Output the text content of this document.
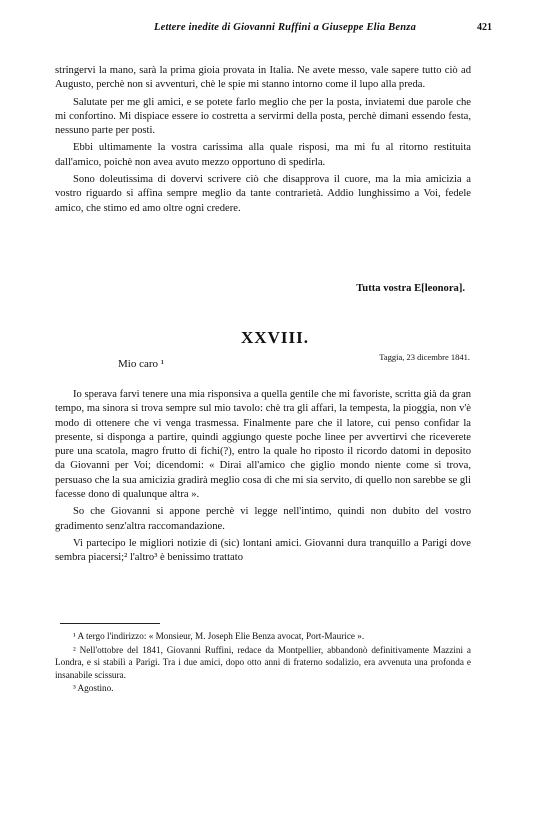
Lettere inedite di Giovanni Ruffini a Giuseppe Elia Benza	421

stringervi la mano, sarà la prima gioia provata in Italia. Ne avete messo, vale sapere tutto ciò ad Augusto, perchè non si avventuri, chè le spie mi stanno intorno come il lupo alla preda.

Salutate per me gli amici, e se potete farlo meglio che per la posta, inviatemi due parole che mi confortino. Mi dispiace essere io costretta a servirmi della posta, perchè dimani essendo festa, nessuno parte per posti.

Ebbi ultimamente la vostra carissima alla quale risposi, ma mi fu al ritorno restituita dall'amico, poichè non avea avuto mezzo opportuno di spedirla.

Sono doleutissima di dovervi scrivere ciò che disapprova il cuore, ma la mia amicizia a vostro riguardo si affina sempre meglio da tante contrarietà. Addio lunghissimo a Voi, fedele amico, che stimo ed amo oltre ogni credere.

Tutta vostra E[leonora].
XXVIII.
Taggia, 23 dicembre 1841.
Mio caro ¹

Io sperava farvi tenere una mia risponsiva a quella gentile che mi favoriste, scritta già da gran tempo, ma sinora si trova sempre sul mio tavolo: chè tra gli affari, la tempesta, la pioggia, non v'è modo di ottenere che vi venga trasmessa. Finalmente pare che il latore, cui penso confidar la presente, si disponga a partire, quindi aggiungo queste poche linee per avvertirvi che riceverete pure una scatola, magro frutto di fichi(?), entro la quale ho riposto il ricordo datomi in deposito da Giovanni per Voi; dicendomi: « Dirai all'amico che giglio mondo niente come si trova, persuaso che la sua amicizia gradirà meglio cosa di che mi sia servito, di quello non sarebbe se gli facesse dono di qualunque altra ».

So che Giovanni si appone perchè vi legge nell'intimo, quindi non dubito del vostro gradimento senz'altra raccomandazione.

Vi partecipo le migliori notizie di (sic) lontani amici. Giovanni dura tranquillo a Parigi dove sembra piacersi;² l'altro³ è benissimo trattato

¹ A tergo l'indirizzo: « Monsieur, M. Joseph Elie Benza avocat, Port-Maurice ».

² Nell'ottobre del 1841, Giovanni Ruffini, redace da Montpellier, abbandonò definitivamente Mazzini a Londra, e si stabilì a Parigi. Tra i due amici, dopo otto anni di fraterno sodalizio, era avvenuta una profonda e insanabile scissura.

³ Agostino.
